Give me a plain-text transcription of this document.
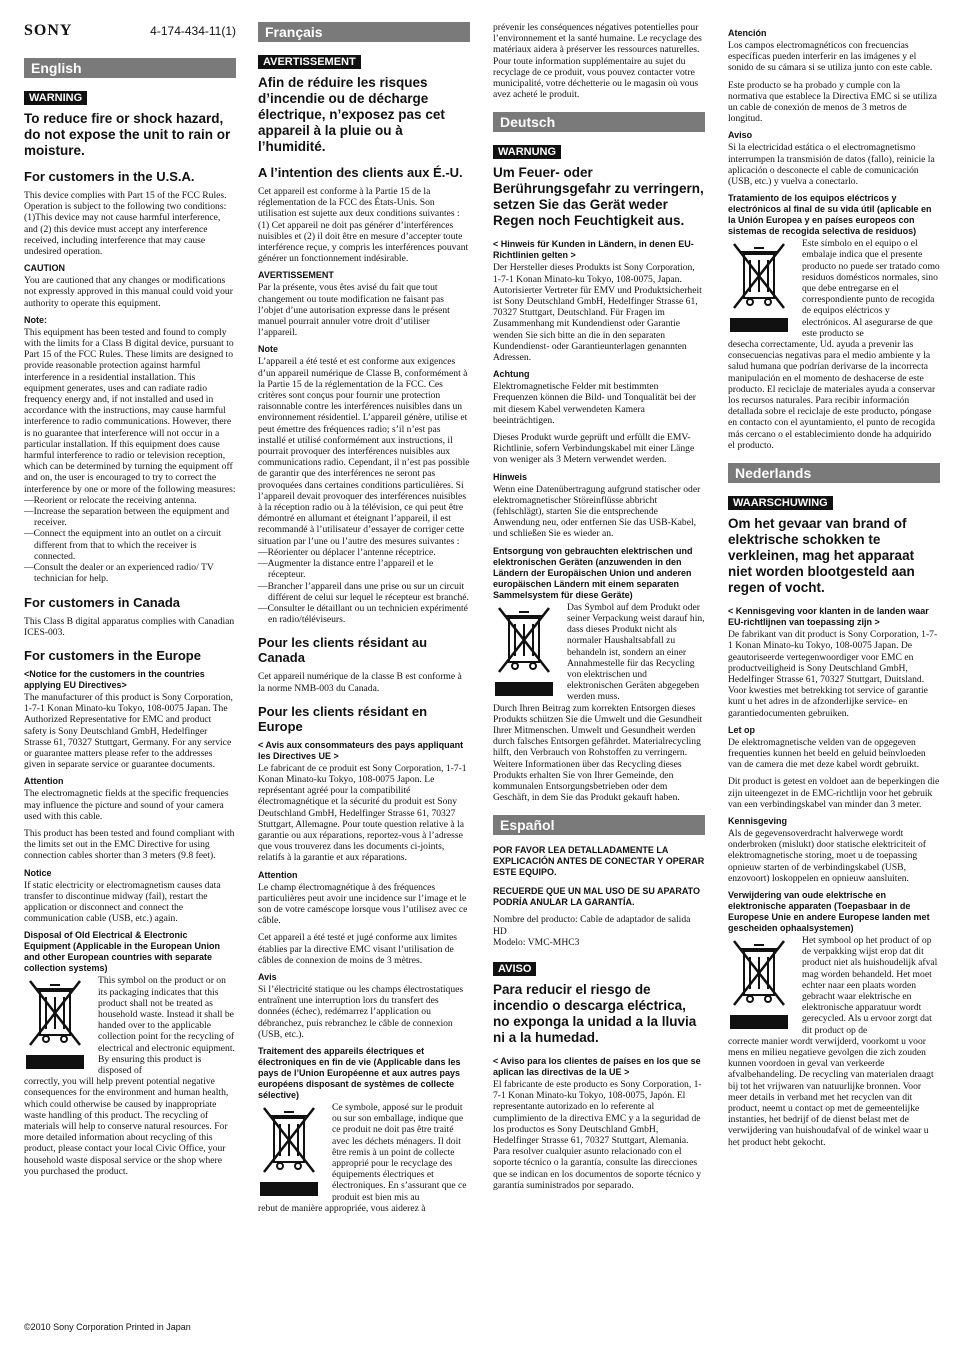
SONY	4-174-434-11(1)
English
WARNING
To reduce fire or shock hazard, do not expose the unit to rain or moisture.
For customers in the U.S.A.
This device complies with Part 15 of the FCC Rules. Operation is subject to the following two conditions: (1)This device may not cause harmful interference, and (2) this device must accept any interference received, including interference that may cause undesired operation.
CAUTION
You are cautioned that any changes or modifications not expressly approved in this manual could void your authority to operate this equipment.
Note:
This equipment has been tested and found to comply with the limits for a Class B digital device, pursuant to Part 15 of the FCC Rules. These limits are designed to provide reasonable protection against harmful interference in a residential installation. This equipment generates, uses and can radiate radio frequency energy and, if not installed and used in accordance with the instructions, may cause harmful interference to radio communications. However, there is no guarantee that interference will not occur in a particular installation. If this equipment does cause harmful interference to radio or television reception, which can be determined by turning the equipment off and on, the user is encouraged to try to correct the interference by one or more of the following measures:
—Reorient or relocate the receiving antenna.
—Increase the separation between the equipment and receiver.
—Connect the equipment into an outlet on a circuit different from that to which the receiver is connected.
—Consult the dealer or an experienced radio/ TV technician for help.
For customers in Canada
This Class B digital apparatus complies with Canadian ICES-003.
For customers in the Europe
<Notice for the customers in the countries applying EU Directives>
The manufacturer of this product is Sony Corporation, 1-7-1 Konan Minato-ku Tokyo, 108-0075 Japan. The Authorized Representative for EMC and product safety is Sony Deutschland GmbH, Hedelfinger Strasse 61, 70327 Stuttgart, Germany. For any service or guarantee matters please refer to the addresses given in separate service or guarantee documents.
Attention
The electromagnetic fields at the specific frequencies may influence the picture and sound of your camera used with this cable.
This product has been tested and found compliant with the limits set out in the EMC Directive for using connection cables shorter than 3 meters (9.8 feet).
Notice
If static electricity or electromagnetism causes data transfer to discontinue midway (fail), restart the application or disconnect and connect the communication cable (USB, etc.) again.
Disposal of Old Electrical & Electronic Equipment (Applicable in the European Union and other European countries with separate collection systems)
This symbol on the product or on its packaging indicates that this product shall not be treated as household waste. Instead it shall be handed over to the applicable collection point for the recycling of electrical and electronic equipment. By ensuring this product is disposed of
correctly, you will help prevent potential negative consequences for the environment and human health, which could otherwise be caused by inappropriate waste handling of this product. The recycling of materials will help to conserve natural resources. For more detailed information about recycling of this product, please contact your local Civic Office, your household waste disposal service or the shop where you purchased the product.
Français
AVERTISSEMENT
Afin de réduire les risques d’incendie ou de décharge électrique, n’exposez pas cet appareil à la pluie ou à l’humidité.
A l’intention des clients aux É.-U.
Cet appareil est conforme à la Partie 15 de la réglementation de la FCC des États-Unis. Son utilisation est sujette aux deux conditions suivantes : (1) Cet appareil ne doit pas générer d’interférences nuisibles et (2) il doit être en mesure d’accepter toute interférence reçue, y compris les interférences pouvant générer un fonctionnement indésirable.
AVERTISSEMENT
Par la présente, vous êtes avisé du fait que tout changement ou toute modification ne faisant pas l’objet d’une autorisation expresse dans le présent manuel pourrait annuler votre droit d’utiliser l’appareil.
Note
L’appareil a été testé et est conforme aux exigences d’un appareil numérique de Classe B, conformément à la Partie 15 de la réglementation de la FCC. Ces critères sont conçus pour fournir une protection raisonnable contre les interférences nuisibles dans un environnement résidentiel. L’appareil génère, utilise et peut émettre des fréquences radio; s’il n’est pas installé et utilisé conformément aux instructions, il pourrait provoquer des interférences nuisibles aux communications radio. Cependant, il n’est pas possible de garantir que des interférences ne seront pas provoquées dans certaines conditions particulières. Si l’appareil devait provoquer des interférences nuisibles à la réception radio ou à la télévision, ce qui peut être démontré en allumant et éteignant l’appareil, il est recommandé à l’utilisateur d’essayer de corriger cette situation par l’une ou l’autre des mesures suivantes :
—Réorienter ou déplacer l’antenne réceptrice.
—Augmenter la distance entre l’appareil et le récepteur.
—Brancher l’appareil dans une prise ou sur un circuit différent de celui sur lequel le récepteur est branché.
—Consulter le détaillant ou un technicien expérimenté en radio/téléviseurs.
Pour les clients résidant au Canada
Cet appareil numérique de la classe B est conforme à la norme NMB-003 du Canada.
Pour les clients résidant en Europe
< Avis aux consommateurs des pays appliquant les Directives UE >
Le fabricant de ce produit est Sony Corporation, 1-7-1 Konan Minato-ku Tokyo, 108-0075 Japon. Le représentant agréé pour la compatibilité électromagnétique et la sécurité du produit est Sony Deutschland GmbH, Hedelfinger Strasse 61, 70327 Stuttgart, Allemagne. Pour toute question relative à la garantie ou aux réparations, reportez-vous à l’adresse que vous trouverez dans les documents ci-joints, relatifs à la garantie et aux réparations.
Attention
Le champ électromagnétique à des fréquences particulières peut avoir une incidence sur l’image et le son de votre caméscope lorsque vous l’utilisez avec ce câble.
Cet appareil a été testé et jugé conforme aux limites établies par la directive EMC visant l’utilisation de câbles de connexion de moins de 3 mètres.
Avis
Si l’électricité statique ou les champs électrostatiques entraînent une interruption lors du transfert des données (échec), redémarrez l’application ou débranchez, puis rebranchez le câble de connexion (USB, etc.).
Traitement des appareils électriques et électroniques en fin de vie (Applicable dans les pays de l’Union Européenne et aux autres pays européens disposant de systèmes de collecte sélective)
Ce symbole, apposé sur le produit ou sur son emballage, indique que ce produit ne doit pas être traité avec les déchets ménagers. Il doit être remis à un point de collecte approprié pour le recyclage des équipements électriques et électroniques. En s’assurant que ce produit est bien mis au
rebut de manière appropriée, vous aiderez à
prévenir les conséquences négatives potentielles pour l’environnement et la santé humaine. Le recyclage des matériaux aidera à préserver les ressources naturelles. Pour toute information supplémentaire au sujet du recyclage de ce produit, vous pouvez contacter votre municipalité, votre déchetterie ou le magasin où vous avez acheté le produit.
Deutsch
WARNUNG
Um Feuer- oder Berührungsgefahr zu verringern, setzen Sie das Gerät weder Regen noch Feuchtigkeit aus.
< Hinweis für Kunden in Ländern, in denen EU-Richtlinien gelten >
Der Hersteller dieses Produkts ist Sony Corporation, 1-7-1 Konan Minato-ku Tokyo, 108-0075, Japan. Autorisierter Vertreter für EMV und Produktsicherheit ist Sony Deutschland GmbH, Hedelfinger Strasse 61, 70327 Stuttgart, Deutschland. Für Fragen im Zusammenhang mit Kundendienst oder Garantie wenden Sie sich bitte an die in den separaten Kundendienst- oder Garantieunterlagen genannten Adressen.
Achtung
Elektromagnetische Felder mit bestimmten Frequenzen können die Bild- und Tonqualität bei der mit diesem Kabel verwendeten Kamera beeinträchtigen.
Dieses Produkt wurde geprüft und erfüllt die EMV-Richtlinie, sofern Verbindungskabel mit einer Länge von weniger als 3 Metern verwendet werden.
Hinweis
Wenn eine Datenübertragung aufgrund statischer oder elektromagnetischer Störeinflüsse abbricht (fehlschlägt), starten Sie die entsprechende Anwendung neu, oder entfernen Sie das USB-Kabel, und schließen Sie es wieder an.
Entsorgung von gebrauchten elektrischen und elektronischen Geräten (anzuwenden in den Ländern der Europäischen Union und anderen europäischen Ländern mit einem separaten Sammelsystem für diese Geräte)
Das Symbol auf dem Produkt oder seiner Verpackung weist darauf hin, dass dieses Produkt nicht als normaler Haushaltsabfall zu behandeln ist, sondern an einer Annahmestelle für das Recycling von elektrischen und elektronischen Geräten abgegeben werden muss.
Durch Ihren Beitrag zum korrekten Entsorgen dieses Produkts schützen Sie die Umwelt und die Gesundheit Ihrer Mitmenschen. Umwelt und Gesundheit werden durch falsches Entsorgen gefährdet. Materialrecycling hilft, den Verbrauch von Rohstoffen zu verringern. Weitere Informationen über das Recycling dieses Produkts erhalten Sie von Ihrer Gemeinde, den kommunalen Entsorgungsbetrieben oder dem Geschäft, in dem Sie das Produkt gekauft haben.
Español
POR FAVOR LEA DETALLADAMENTE LA EXPLICACIÓN ANTES DE CONECTAR Y OPERAR ESTE EQUIPO.
RECUERDE QUE UN MAL USO DE SU APARATO PODRÍA ANULAR LA GARANTÍA.
Nombre del producto: Cable de adaptador de salida HD
Modelo: VMC-MHC3
AVISO
Para reducir el riesgo de incendio o descarga eléctrica, no exponga la unidad a la lluvia ni a la humedad.
< Aviso para los clientes de países en los que se aplican las directivas de la UE >
El fabricante de este producto es Sony Corporation, 1-7-1 Konan Minato-ku Tokyo, 108-0075, Japón. El representante autorizado en lo referente al cumplimiento de la directiva EMC y a la seguridad de los productos es Sony Deutschland GmbH, Hedelfinger Strasse 61, 70327 Stuttgart, Alemania. Para resolver cualquier asunto relacionado con el soporte técnico o la garantía, consulte las direcciones que se indican en los documentos de soporte técnico y garantía suministrados por separado.
Atención
Los campos electromagnéticos con frecuencias específicas pueden interferir en las imágenes y el sonido de su cámara si se utiliza junto con este cable.
Este producto se ha probado y cumple con la normativa que establece la Directiva EMC si se utiliza un cable de conexión de menos de 3 metros de longitud.
Aviso
Si la electricidad estática o el electromagnetismo interrumpen la transmisión de datos (fallo), reinicie la aplicación o desconecte el cable de comunicación (USB, etc.) y vuelva a conectarlo.
Tratamiento de los equipos eléctricos y electrónicos al final de su vida útil (aplicable en la Unión Europea y en países europeos con sistemas de recogida selectiva de residuos)
Este símbolo en el equipo o el embalaje indica que el presente producto no puede ser tratado como residuos domésticos normales, sino que debe entregarse en el correspondiente punto de recogida de equipos eléctricos y electrónicos. Al asegurarse de que este producto se
desecha correctamente, Ud. ayuda a prevenir las consecuencias negativas para el medio ambiente y la salud humana que podrían derivarse de la incorrecta manipulación en el momento de deshacerse de este producto. El reciclaje de materiales ayuda a conservar los recursos naturales. Para recibir información detallada sobre el reciclaje de este producto, póngase en contacto con el ayuntamiento, el punto de recogida más cercano o el establecimiento donde ha adquirido el producto.
Nederlands
WAARSCHUWING
Om het gevaar van brand of elektrische schokken te verkleinen, mag het apparaat niet worden blootgesteld aan regen of vocht.
< Kennisgeving voor klanten in de landen waar EU-richtlijnen van toepassing zijn >
De fabrikant van dit product is Sony Corporation, 1-7-1 Konan Minato-ku Tokyo, 108-0075 Japan. De geautoriseerde vertegenwoordiger voor EMC en productveiligheid is Sony Deutschland GmbH, Hedelfinger Strasse 61, 70327 Stuttgart, Duitsland. Voor kwesties met betrekking tot service of garantie kunt u het adres in de afzonderlijke service- en garantiedocumenten gebruiken.
Let op
De elektromagnetische velden van de opgegeven frequenties kunnen het beeld en geluid beïnvloeden van de camera die met deze kabel wordt gebruikt.
Dit product is getest en voldoet aan de beperkingen die zijn uiteengezet in de EMC-richtlijn voor het gebruik van een verbindingskabel van minder dan 3 meter.
Kennisgeving
Als de gegevensoverdracht halverwege wordt onderbroken (mislukt) door statische elektriciteit of elektromagnetische storing, moet u de toepassing opnieuw starten of de verbindingskabel (USB, enzovoort) loskoppelen en opnieuw aansluiten.
Verwijdering van oude elektrische en elektronische apparaten (Toepasbaar in de Europese Unie en andere Europese landen met gescheiden ophaalsystemen)
Het symbool op het product of op de verpakking wijst erop dat dit product niet als huishoudelijk afval mag worden behandeld. Het moet echter naar een plaats worden gebracht waar elektrische en elektronische apparatuur wordt gerecycled. Als u ervoor zorgt dat dit product op de
correcte manier wordt verwijderd, voorkomt u voor mens en milieu negatieve gevolgen die zich zouden kunnen voordoen in geval van verkeerde afvalbehandeling. De recycling van materialen draagt bij tot het vrijwaren van natuurlijke bronnen. Voor meer details in verband met het recyclen van dit product, neemt u contact op met de gemeentelijke instanties, het bedrijf of de dienst belast met de verwijdering van huishoudafval of de winkel waar u het product hebt gekocht.
©2010 Sony Corporation Printed in Japan
